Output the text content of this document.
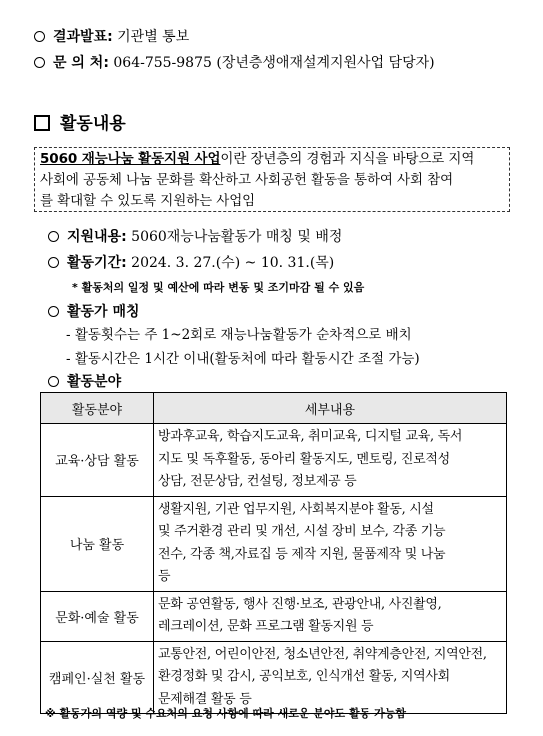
결과발표: 기관별 통보
문 의 처: 064-755-9875 (장년층생애재설계지원사업 담당자)
활동내용
5060 재능나눔 활동지원 사업이란 장년층의 경험과 지식을 바탕으로 지역
사회에 공동체 나눔 문화를 확산하고 사회공헌 활동을 통하여 사회 참여
를 확대할 수 있도록 지원하는 사업임
지원내용: 5060재능나눔활동가 매칭 및 배정
활동기간: 2024. 3. 27.(수) ~ 10. 31.(목)
* 활동처의 일정 및 예산에 따라 변동 및 조기마감 될 수 있음
활동가 매칭
- 활동횟수는 주 1~2회로 재능나눔활동가 순차적으로 배치
- 활동시간은 1시간 이내(활동처에 따라 활동시간 조절 가능)
활동분야
활동분야	세부내용
교육·상담 활동	방과후교육, 학습지도교육, 취미교육, 디지털 교육, 독서
지도 및 독후활동, 동아리 활동지도, 멘토링, 진로적성
상담, 전문상담, 컨설팅, 정보제공 등

나눔 활동	생활지원, 기관 업무지원, 사회복지분야 활동, 시설
및 주거환경 관리 및 개선, 시설 장비 보수, 각종 기능
전수, 각종 책,자료집 등 제작 지원, 물품제작 및 나눔
등

문화·예술 활동	문화 공연활동, 행사 진행·보조, 관광안내, 사진촬영,
레크레이션, 문화 프로그램 활동지원 등

캠페인·실천 활동	교통안전, 어린이안전, 청소년안전, 취약계층안전, 지역안전,
환경정화 및 감시, 공익보호, 인식개선 활동, 지역사회
문제해결 활동 등
※ 활동가의 역량 및 수요처의 요청 사항에 따라 새로운 분야도 활동 가능함
